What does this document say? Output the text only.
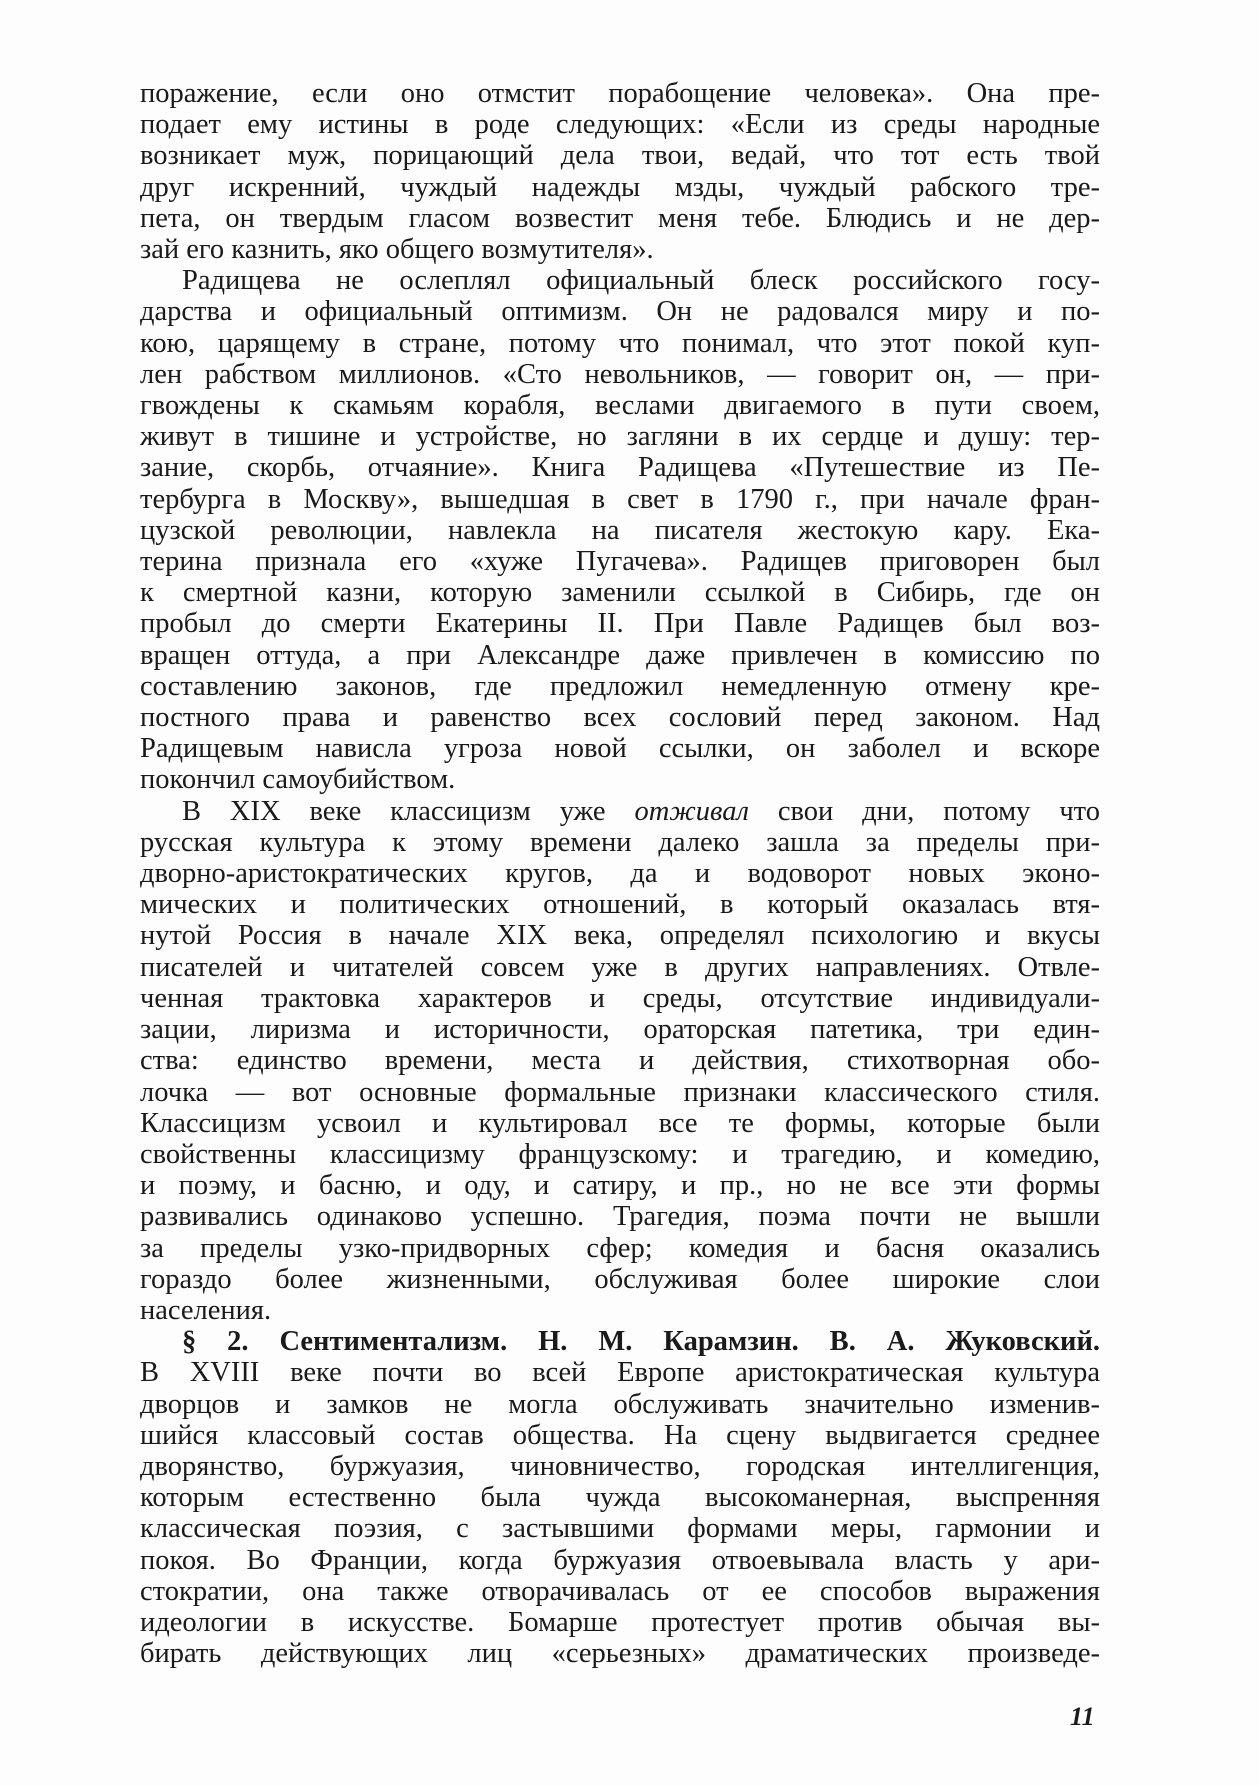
поражение, если оно отмстит порабощение человека». Она пре-
подает ему истины в роде следующих: «Если из среды народные
возникает муж, порицающий дела твои, ведай, что тот есть твой
друг искренний, чуждый надежды мзды, чуждый рабского тре-
пета, он твердым гласом возвестит меня тебе. Блюдись и не дер-
зай его казнить, яко общего возмутителя».
Радищева не ослеплял официальный блеск российского госу-
дарства и официальный оптимизм. Он не радовался миру и по-
кою, царящему в стране, потому что понимал, что этот покой куп-
лен рабством миллионов. «Сто невольников, — говорит он, — при-
гвождены к скамьям корабля, веслами двигаемого в пути своем,
живут в тишине и устройстве, но загляни в их сердце и душу: тер-
зание, скорбь, отчаяние». Книга Радищева «Путешествие из Пе-
тербурга в Москву», вышедшая в свет в 1790 г., при начале фран-
цузской революции, навлекла на писателя жестокую кару. Ека-
терина признала его «хуже Пугачева». Радищев приговорен был
к смертной казни, которую заменили ссылкой в Сибирь, где он
пробыл до смерти Екатерины II. При Павле Радищев был воз-
вращен оттуда, а при Александре даже привлечен в комиссию по
составлению законов, где предложил немедленную отмену кре-
постного права и равенство всех сословий перед законом. Над
Радищевым нависла угроза новой ссылки, он заболел и вскоре
покончил самоубийством.
В XIX веке классицизм уже отживал свои дни, потому что
русская культура к этому времени далеко зашла за пределы при-
дворно-аристократических кругов, да и водоворот новых эконо-
мических и политических отношений, в который оказалась втя-
нутой Россия в начале XIX века, определял психологию и вкусы
писателей и читателей совсем уже в других направлениях. Отвле-
ченная трактовка характеров и среды, отсутствие индивидуали-
зации, лиризма и историчности, ораторская патетика, три един-
ства: единство времени, места и действия, стихотворная обо-
лочка — вот основные формальные признаки классического стиля.
Классицизм усвоил и культировал все те формы, которые были
свойственны классицизму французскому: и трагедию, и комедию,
и поэму, и басню, и оду, и сатиру, и пр., но не все эти формы
развивались одинаково успешно. Трагедия, поэма почти не вышли
за пределы узко-придворных сфер; комедия и басня оказались
гораздо более жизненными, обслуживая более широкие слои
населения.
§ 2. Сентиментализм. Н. М. Карамзин. В. А. Жуковский.
В XVIII веке почти во всей Европе аристократическая культура
дворцов и замков не могла обслуживать значительно изменив-
шийся классовый состав общества. На сцену выдвигается среднее
дворянство, буржуазия, чиновничество, городская интеллигенция,
которым естественно была чужда высокоманерная, выспренняя
классическая поэзия, с застывшими формами меры, гармонии и
покоя. Во Франции, когда буржуазия отвоевывала власть у ари-
стократии, она также отворачивалась от ее способов выражения
идеологии в искусстве. Бомарше протестует против обычая вы-
бирать действующих лиц «серьезных» драматических произведе-
11
